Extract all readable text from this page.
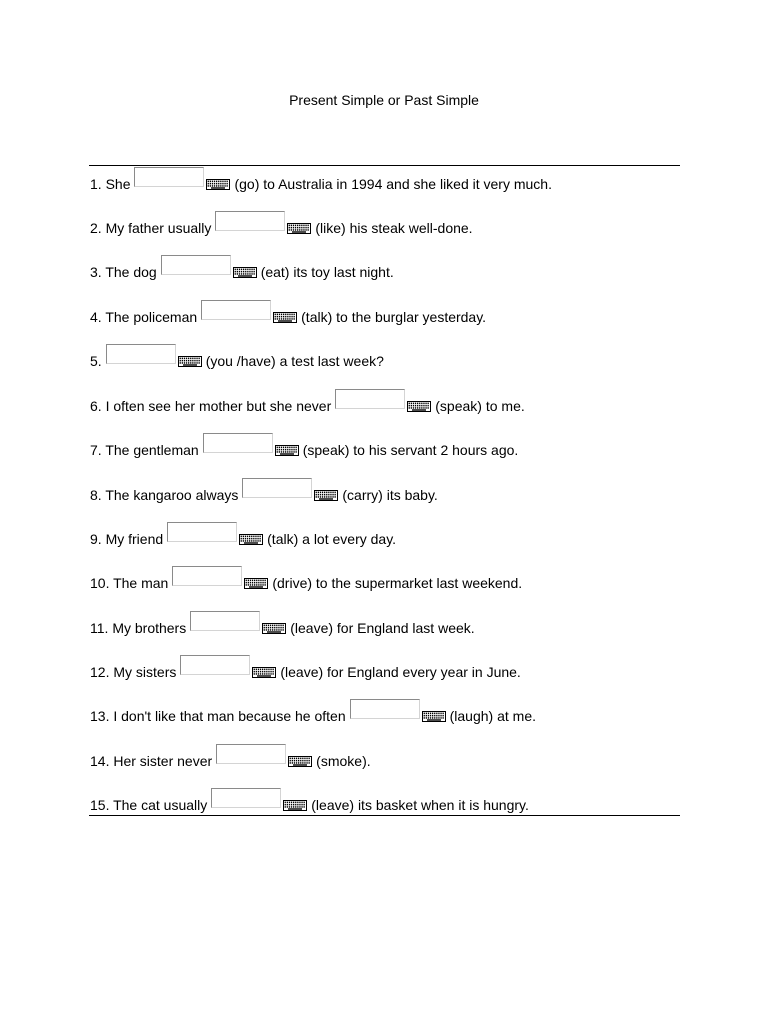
Present Simple or Past Simple
1. She	(go) to Australia in 1994 and she liked it very much.
2. My father usually	(like) his steak well-done.
3. The dog	(eat) its toy last night.
4. The policeman	(talk) to the burglar yesterday.
5.	(you /have) a test last week?
6. I often see her mother but she never	(speak) to me.
7. The gentleman	(speak) to his servant 2 hours ago.
8. The kangaroo always	(carry) its baby.
9. My friend	(talk) a lot every day.
10. The man	(drive) to the supermarket last weekend.
11. My brothers	(leave) for England last week.
12. My sisters	(leave) for England every year in June.
13. I don't like that man because he often	(laugh) at me.
14. Her sister never	(smoke).
15. The cat usually	(leave) its basket when it is hungry.
